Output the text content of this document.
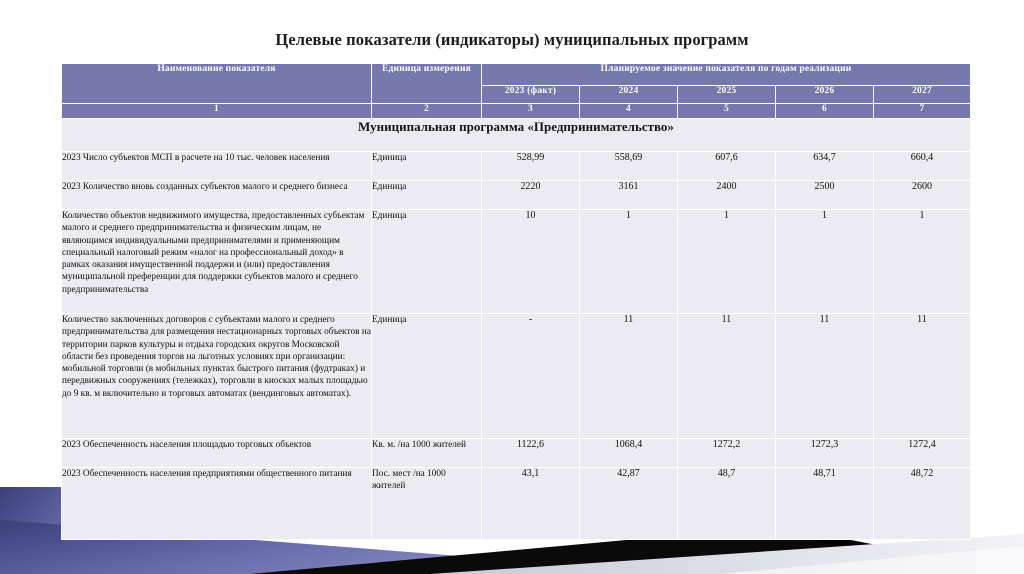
Целевые показатели (индикаторы) муниципальных программ
Наименование показателя	Единица измерения	Планируемое значение показателя по годам реализации				
		2023 (факт)	2024	2025	2026	2027
1	2	3	4	5	6	7
Муниципальная программа «Предпринимательство»						
2023 Число субъектов МСП в расчете на 10 тыс. человек населения	Единица	528,99	558,69	607,6	634,7	660,4
2023 Количество вновь созданных субъектов малого и среднего бизнеса	Единица	2220	3161	2400	2500	2600
Количество объектов недвижимого имущества, предоставленных субъектам малого и среднего предпринимательства и физическим лицам, не являющимся индивидуальными предпринимателями и применяющим специальный налоговый режим «налог на профессиональный доход» в рамках оказания имущественной поддержи и (или) предоставления муниципальной преференции для поддержки субъектов малого и среднего предпринимательства	Единица	10	1	1	1	1
Количество заключенных договоров с субъектами малого и среднего предпринимательства для размещения нестационарных торговых объектов на территории парков культуры и отдыха городских округов Московской области без проведения торгов на льготных условиях при организации: мобильной торговли (в мобильных пунктах быстрого питания (фудтраках) и передвижных сооружениях (тележках), торговли в киосках малых площадью до 9 кв. м включительно и торговых автоматах (вендинговых автоматах).	Единица	-	11	11	11	11
2023 Обеспеченность населения площадью торговых объектов	Кв. м. /на 1000 жителей	1122,6	1068,4	1272,2	1272,3	1272,4
2023 Обеспеченность населения предприятиями общественного питания	Пос. мест /на 1000 жителей	43,1	42,87	48,7	48,71	48,72
